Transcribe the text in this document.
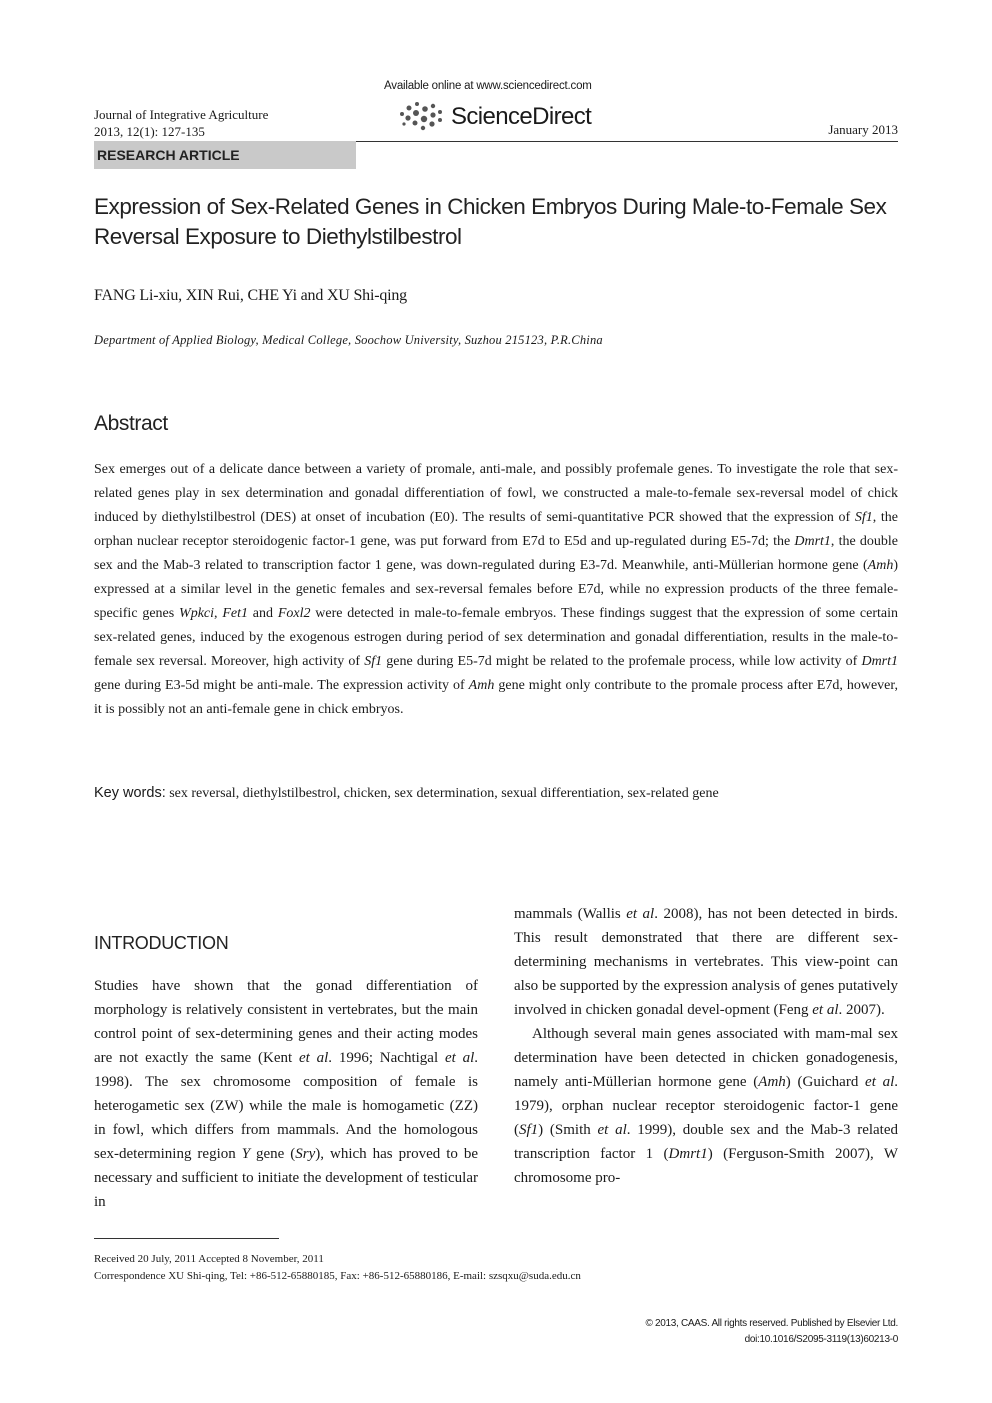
Journal of Integrative Agriculture
2013, 12(1): 127-135
Available online at www.sciencedirect.com
ScienceDirect	January 2013
RESEARCH ARTICLE
Expression of Sex-Related Genes in Chicken Embryos During Male-to-Female Sex Reversal Exposure to Diethylstilbestrol
FANG Li-xiu, XIN Rui, CHE Yi and XU Shi-qing
Department of Applied Biology, Medical College, Soochow University, Suzhou 215123, P.R.China
Abstract
Sex emerges out of a delicate dance between a variety of promale, anti-male, and possibly profemale genes. To investigate the role that sex-related genes play in sex determination and gonadal differentiation of fowl, we constructed a male-to-female sex-reversal model of chick induced by diethylstilbestrol (DES) at onset of incubation (E0). The results of semi-quantitative PCR showed that the expression of Sf1, the orphan nuclear receptor steroidogenic factor-1 gene, was put forward from E7d to E5d and up-regulated during E5-7d; the Dmrt1, the double sex and the Mab-3 related to transcription factor 1 gene, was down-regulated during E3-7d. Meanwhile, anti-Müllerian hormone gene (Amh) expressed at a similar level in the genetic females and sex-reversal females before E7d, while no expression products of the three female-specific genes Wpkci, Fet1 and Foxl2 were detected in male-to-female embryos. These findings suggest that the expression of some certain sex-related genes, induced by the exogenous estrogen during period of sex determination and gonadal differentiation, results in the male-to-female sex reversal. Moreover, high activity of Sf1 gene during E5-7d might be related to the profemale process, while low activity of Dmrt1 gene during E3-5d might be anti-male. The expression activity of Amh gene might only contribute to the promale process after E7d, however, it is possibly not an anti-female gene in chick embryos.
Key words: sex reversal, diethylstilbestrol, chicken, sex determination, sexual differentiation, sex-related gene
INTRODUCTION

Studies have shown that the gonad differentiation of morphology is relatively consistent in vertebrates, but the main control point of sex-determining genes and their acting modes are not exactly the same (Kent et al. 1996; Nachtigal et al. 1998). The sex chromosome composition of female is heterogametic sex (ZW) while the male is homogametic (ZZ) in fowl, which differs from mammals. And the homologous sex-determining region Y gene (Sry), which has proved to be necessary and sufficient to initiate the development of testicular in

mammals (Wallis et al. 2008), has not been detected in birds. This result demonstrated that there are different sex-determining mechanisms in vertebrates. This view-point can also be supported by the expression analysis of genes putatively involved in chicken gonadal devel-opment (Feng et al. 2007).

Although several main genes associated with mam-mal sex determination have been detected in chicken gonadogenesis, namely anti-Müllerian hormone gene (Amh) (Guichard et al. 1979), orphan nuclear receptor steroidogenic factor-1 gene (Sf1) (Smith et al. 1999), double sex and the Mab-3 related transcription factor 1 (Dmrt1) (Ferguson-Smith 2007), W chromosome pro-

Received 20 July, 2011 Accepted 8 November, 2011
Correspondence XU Shi-qing, Tel: +86-512-65880185, Fax: +86-512-65880186, E-mail: szsqxu@suda.edu.cn
© 2013, CAAS. All rights reserved. Published by Elsevier Ltd.
doi:10.1016/S2095-3119(13)60213-0
